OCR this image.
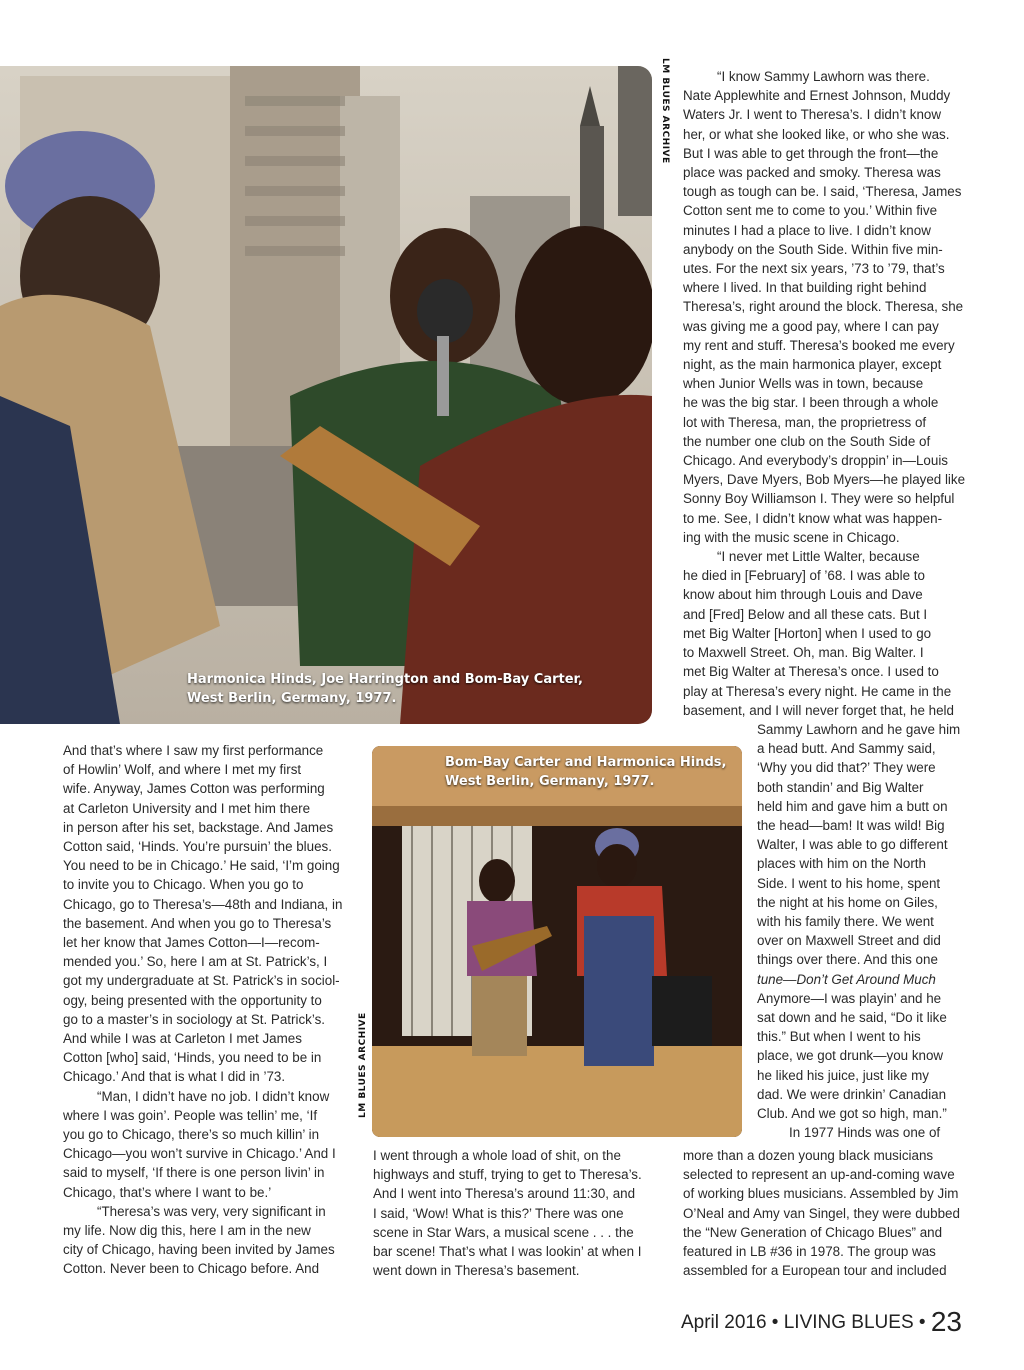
LM BLUES ARCHIVE
Harmonica Hinds, Joe Harrington and Bom-Bay Carter,
West Berlin, Germany, 1977.
Bom-Bay Carter and Harmonica Hinds,
West Berlin, Germany, 1977.
LM BLUES ARCHIVE

And that’s where I saw my first performance

of Howlin’ Wolf, and where I met my first

wife. Anyway, James Cotton was performing

at Carleton University and I met him there

in person after his set, backstage. And James

Cotton said, ‘Hinds. You’re pursuin’ the blues.

You need to be in Chicago.’ He said, ‘I’m going

to invite you to Chicago. When you go to

Chicago, go to Theresa’s—48th and Indiana, in

the basement. And when you go to Theresa’s

let her know that James Cotton—I—recom-

mended you.’ So, here I am at St. Patrick’s, I

got my undergraduate at St. Patrick’s in sociol-

ogy, being presented with the opportunity to

go to a master’s in sociology at St. Patrick’s.

And while I was at Carleton I met James

Cotton [who] said, ‘Hinds, you need to be in

Chicago.’ And that is what I did in ’73.

“Man, I didn’t have no job. I didn’t know

where I was goin’. People was tellin’ me, ‘If

you go to Chicago, there’s so much killin’ in

Chicago—you won’t survive in Chicago.’ And I

said to myself, ‘If there is one person livin’ in

Chicago, that’s where I want to be.’

“Theresa’s was very, very significant in

my life. Now dig this, here I am in the new

city of Chicago, having been invited by James

Cotton. Never been to Chicago before. And

I went through a whole load of shit, on the

highways and stuff, trying to get to Theresa’s.

And I went into Theresa’s around 11:30, and

I said, ‘Wow! What is this?’ There was one

scene in Star Wars, a musical scene . . . the

bar scene! That’s what I was lookin’ at when I

went down in Theresa’s basement.

“I know Sammy Lawhorn was there.

Nate Applewhite and Ernest Johnson, Muddy

Waters Jr. I went to Theresa’s. I didn’t know

her, or what she looked like, or who she was.

But I was able to get through the front—the

place was packed and smoky. Theresa was

tough as tough can be. I said, ‘Theresa, James

Cotton sent me to come to you.’ Within five

minutes I had a place to live. I didn’t know

anybody on the South Side. Within five min-

utes. For the next six years, ’73 to ’79, that’s

where I lived. In that building right behind

Theresa’s, right around the block. Theresa, she

was giving me a good pay, where I can pay

my rent and stuff. Theresa’s booked me every

night, as the main harmonica player, except

when Junior Wells was in town, because

he was the big star. I been through a whole

lot with Theresa, man, the proprietress of

the number one club on the South Side of

Chicago. And everybody’s droppin’ in—Louis

Myers, Dave Myers, Bob Myers—he played like

Sonny Boy Williamson I. They were so helpful

to me. See, I didn’t know what was happen-

ing with the music scene in Chicago.

“I never met Little Walter, because

he died in [February] of ’68. I was able to

know about him through Louis and Dave

and [Fred] Below and all these cats. But I

met Big Walter [Horton] when I used to go

to Maxwell Street. Oh, man. Big Walter. I

met Big Walter at Theresa’s once. I used to

play at Theresa’s every night. He came in the

basement, and I will never forget that, he held

Sammy Lawhorn and he gave him

a head butt. And Sammy said,

‘Why you did that?’ They were

both standin’ and Big Walter

held him and gave him a butt on

the head—bam! It was wild! Big

Walter, I was able to go different

places with him on the North

Side. I went to his home, spent

the night at his home on Giles,

with his family there. We went

over on Maxwell Street and did

things over there. And this one

tune—Don’t Get Around Much

Anymore—I was playin’ and he

sat down and he said, “Do it like

this.” But when I went to his

place, we got drunk—you know

he liked his juice, just like my

dad. We were drinkin’ Canadian

Club. And we got so high, man.”

In 1977 Hinds was one of

more than a dozen young black musicians

selected to represent an up-and-coming wave

of working blues musicians. Assembled by Jim

O’Neal and Amy van Singel, they were dubbed

the “New Generation of Chicago Blues” and

featured in LB #36 in 1978. The group was

assembled for a European tour and included

April 2016 • LIVING BLUES • 23
